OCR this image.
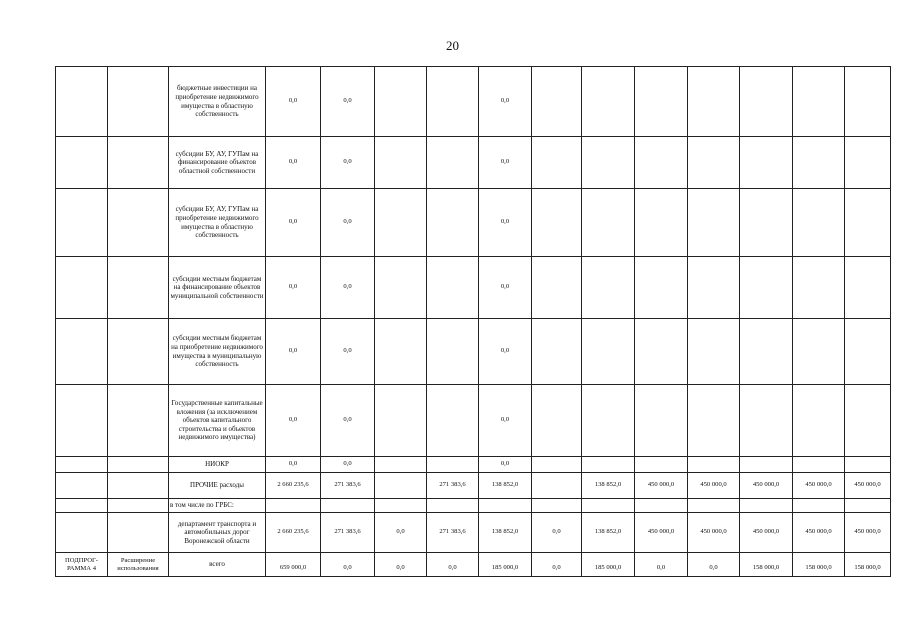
20
		бюджетные инвестиции на приобретение недвижимого имущества в областную собственность	0,0	0,0			0,0							
		субсидии БУ, АУ, ГУПам на финансирование объектов областной собственности	0,0	0,0			0,0							
		субсидии БУ, АУ, ГУПам на приобретение недвижимого имущества в областную собственность	0,0	0,0			0,0							
		субсидии местным бюджетам на финансирование объектов муниципальной собственности	0,0	0,0			0,0							
		субсидии местным бюджетам на приобретение недвижимого имущества в муниципальную собственность	0,0	0,0			0,0							
		Государственные капитальные вложения (за исключением объектов капитального строительства и объектов недвижимого имущества)	0,0	0,0			0,0							
		НИОКР	0,0	0,0			0,0							
		ПРОЧИЕ расходы	2 660 235,6	271 383,6		271 383,6	138 852,0		138 852,0	450 000,0	450 000,0	450 000,0	450 000,0	450 000,0
		в том числе по ГРБС:												
		департамент транспорта и автомобильных дорог Воронежской области	2 660 235,6	271 383,6	0,0	271 383,6	138 852,0	0,0	138 852,0	450 000,0	450 000,0	450 000,0	450 000,0	450 000,0
ПОДПРОГ-РАММА 4	Расширение использования	всего	659 000,0	0,0	0,0	0,0	185 000,0	0,0	185 000,0	0,0	0,0	158 000,0	158 000,0	158 000,0
